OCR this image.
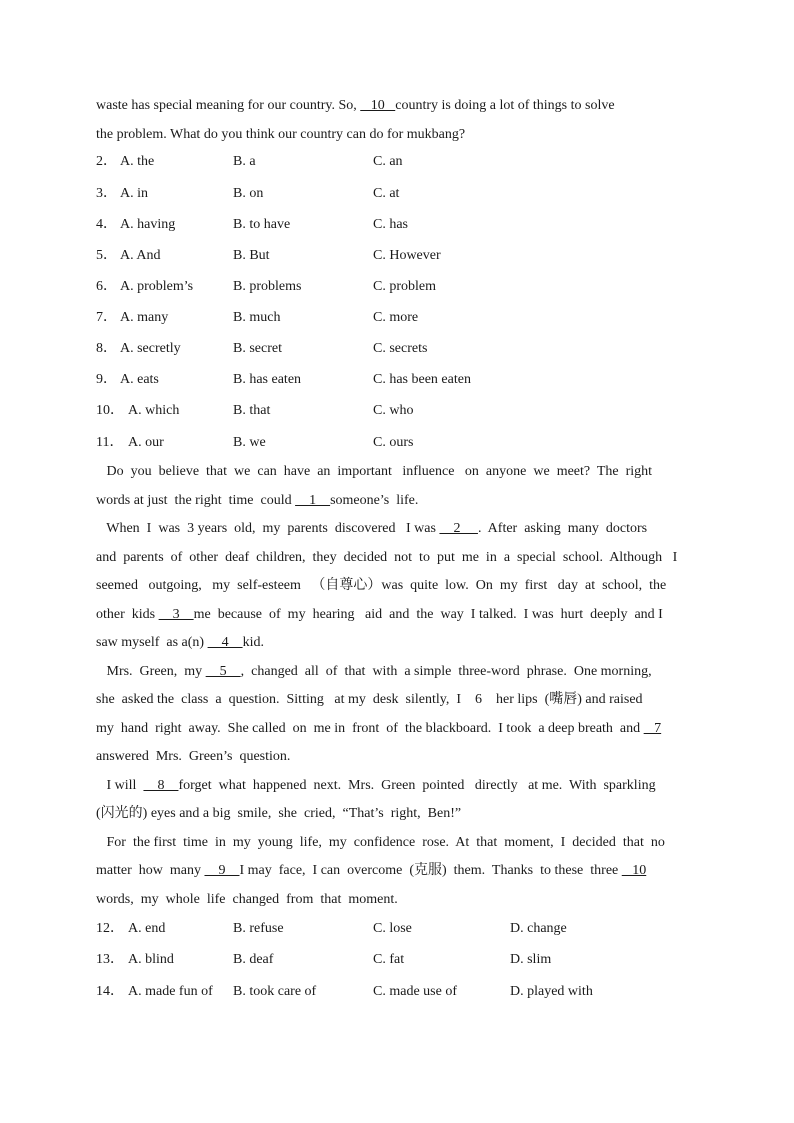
waste has special meaning for our country. So,    10   country is doing a lot of things to solve
the problem. What do you think our country can do for mukbang?
2． A. the	B. a	C. an
3． A. in	B. on	C. at
4． A. having	B. to have	C. has
5． A. And	B. But	C. However
6． A. problem’s	B. problems	C. problem
7． A. many	B. much	C. more
8． A. secretly	B. secret	C. secrets
9． A. eats	B. has eaten	C. has been eaten
10． A. which	B. that	C. who
11． A. our	B. we	C. ours
Do  you  believe  that  we  can  have  an  important   influence   on  anyone  we  meet?  The  right
words at just  the right  time  could     1    someone’s  life.
When  I  was  3 years  old,  my  parents  discovered   I was     2     .  After  asking  many  doctors
and  parents  of  other  deaf  children,  they  decided  not  to  put  me  in  a  special  school.  Although   I
seemed   outgoing,   my  self-esteem   （自尊心）was  quite  low.  On  my  first   day  at  school,  the
other  kids     3    me  because  of  my  hearing   aid  and  the  way  I talked.  I was  hurt  deeply  and I
saw myself  as a(n)     4    kid.
Mrs.  Green,  my     5    ,  changed  all  of  that  with  a simple  three-word  phrase.  One morning,
she  asked the  class  a  question.  Sitting   at my  desk  silently,  I    6    her lips  (嘴唇) and raised
my  hand  right  away.  She called  on  me in  front  of  the blackboard.  I took  a deep breath  and    7
answered  Mrs.  Green’s  question.
I will      8    forget  what  happened  next.  Mrs.  Green  pointed   directly   at me.  With  sparkling
(闪光的) eyes and a big  smile,  she  cried,  “That’s  right,  Ben!”
For  the first  time  in  my  young  life,  my  confidence  rose.  At  that  moment,  I  decided  that  no
matter  how  many     9    I may  face,  I can  overcome  (克服)  them.  Thanks  to these  three    10
words,  my  whole  life  changed  from  that  moment.
12． A. end	B. refuse	C. lose	D. change
13． A. blind	B. deaf	C. fat	D. slim
14． A. made fun of B. took care of	C. made use of	D. played with
